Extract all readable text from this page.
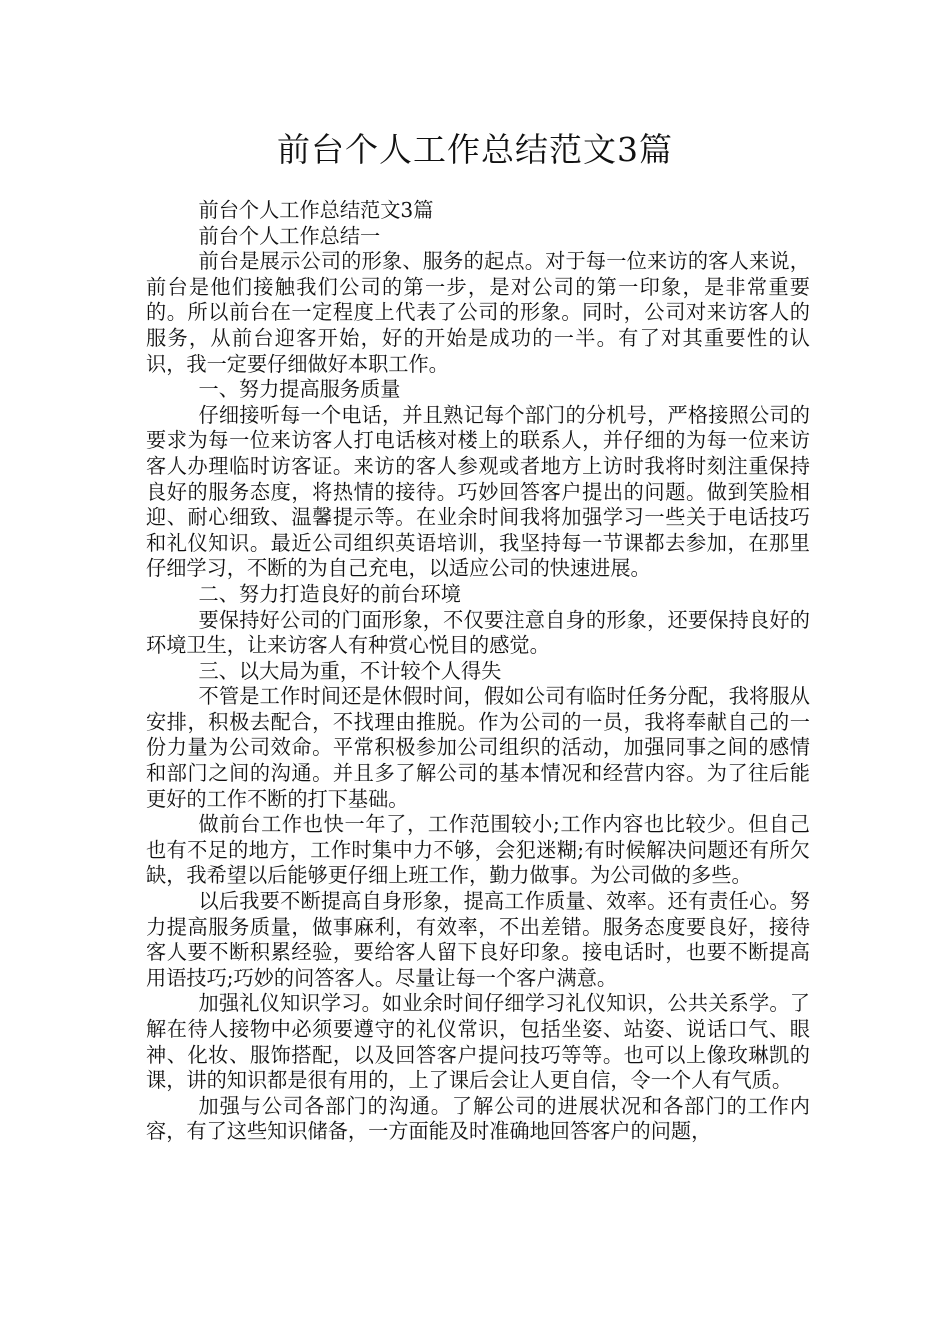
前台个人工作总结范文3篇

前台个人工作总结范文3篇

前台个人工作总结一

前台是展示公司的形象、服务的起点。对于每一位来访的客人来说，前台是他们接触我们公司的第一步，是对公司的第一印象，是非常重要的。所以前台在一定程度上代表了公司的形象。同时，公司对来访客人的服务，从前台迎客开始，好的开始是成功的一半。有了对其重要性的认识，我一定要仔细做好本职工作。

一、努力提高服务质量

仔细接听每一个电话，并且熟记每个部门的分机号，严格接照公司的要求为每一位来访客人打电话核对楼上的联系人，并仔细的为每一位来访客人办理临时访客证。来访的客人参观或者地方上访时我将时刻注重保持良好的服务态度，将热情的接待。巧妙回答客户提出的问题。做到笑脸相迎、耐心细致、温馨提示等。在业余时间我将加强学习一些关于电话技巧和礼仪知识。最近公司组织英语培训，我坚持每一节课都去参加，在那里仔细学习，不断的为自己充电，以适应公司的快速进展。

二、努力打造良好的前台环境

要保持好公司的门面形象，不仅要注意自身的形象，还要保持良好的环境卫生，让来访客人有种赏心悦目的感觉。

三、以大局为重，不计较个人得失

不管是工作时间还是休假时间，假如公司有临时任务分配，我将服从安排，积极去配合，不找理由推脱。作为公司的一员，我将奉献自己的一份力量为公司效命。平常积极参加公司组织的活动，加强同事之间的感情和部门之间的沟通。并且多了解公司的基本情况和经营内容。为了往后能更好的工作不断的打下基础。

做前台工作也快一年了，工作范围较小;工作内容也比较少。但自己也有不足的地方，工作时集中力不够，会犯迷糊;有时候解决问题还有所欠缺，我希望以后能够更仔细上班工作，勤力做事。为公司做的多些。

以后我要不断提高自身形象，提高工作质量、效率。还有责任心。努力提高服务质量，做事麻利，有效率，不出差错。服务态度要良好，接待客人要不断积累经验，要给客人留下良好印象。接电话时，也要不断提高用语技巧;巧妙的问答客人。尽量让每一个客户满意。

加强礼仪知识学习。如业余时间仔细学习礼仪知识，公共关系学。了解在待人接物中必须要遵守的礼仪常识，包括坐姿、站姿、说话口气、眼神、化妆、服饰搭配，以及回答客户提问技巧等等。也可以上像玫琳凯的课，讲的知识都是很有用的，上了课后会让人更自信，令一个人有气质。

加强与公司各部门的沟通。了解公司的进展状况和各部门的工作内容，有了这些知识储备，一方面能及时准确地回答客户的问题，
